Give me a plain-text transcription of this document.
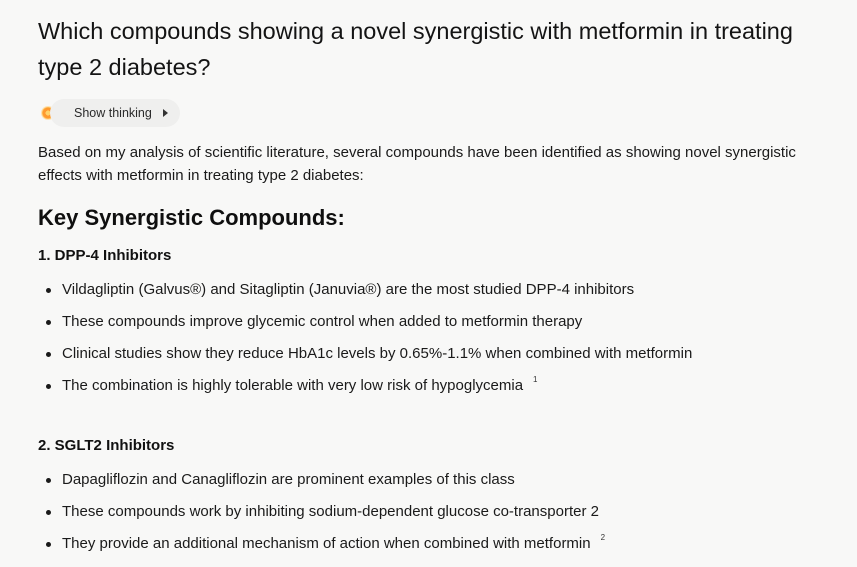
Which compounds showing a novel synergistic with metformin in treating type 2 diabetes?
Show thinking

Based on my analysis of scientific literature, several compounds have been identified as showing novel synergistic effects with metformin in treating type 2 diabetes:

Key Synergistic Compounds:
1. DPP-4 Inhibitors
Vildagliptin (Galvus®) and Sitagliptin (Januvia®) are the most studied DPP-4 inhibitors
These compounds improve glycemic control when added to metformin therapy
Clinical studies show they reduce HbA1c levels by 0.65%-1.1% when combined with metformin
The combination is highly tolerable with very low risk of hypoglycemia 1
2. SGLT2 Inhibitors
Dapagliflozin and Canagliflozin are prominent examples of this class
These compounds work by inhibiting sodium-dependent glucose co-transporter 2
They provide an additional mechanism of action when combined with metformin 2
